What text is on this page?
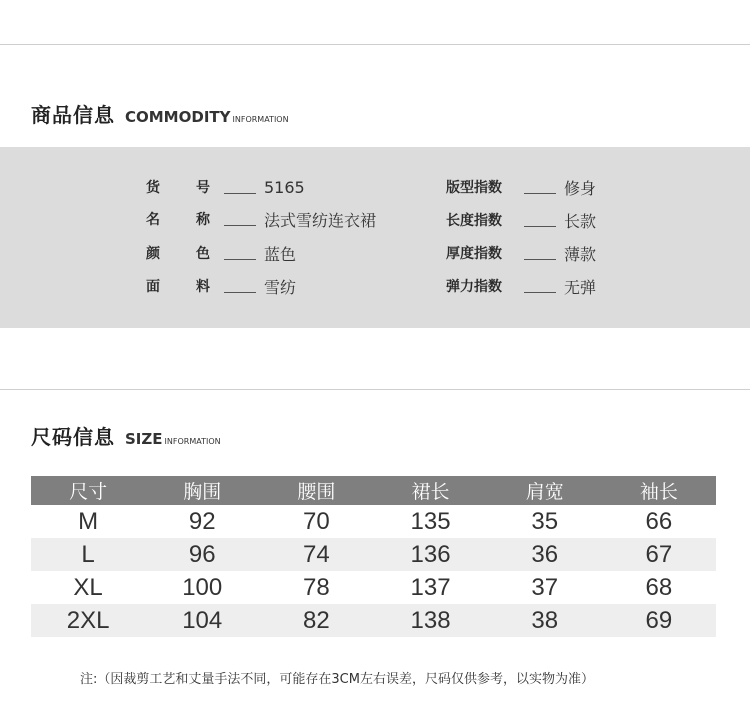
商品信息 COMMODITY INFORMATION
货	号	5165
名	称	法式雪纺连衣裙
颜	色	蓝色
面	料	雪纺
版型指数	修身
长度指数	长款
厚度指数	薄款
弹力指数	无弹
尺码信息 SIZE INFORMATION
尺寸	胸围	腰围	裙长	肩宽	袖长
M	92	70	135	35	66
L	96	74	136	36	67
XL	100	78	137	37	68
2XL	104	82	138	38	69
注:（因裁剪工艺和丈量手法不同，可能存在3CM左右误差，尺码仅供参考，以实物为准）
